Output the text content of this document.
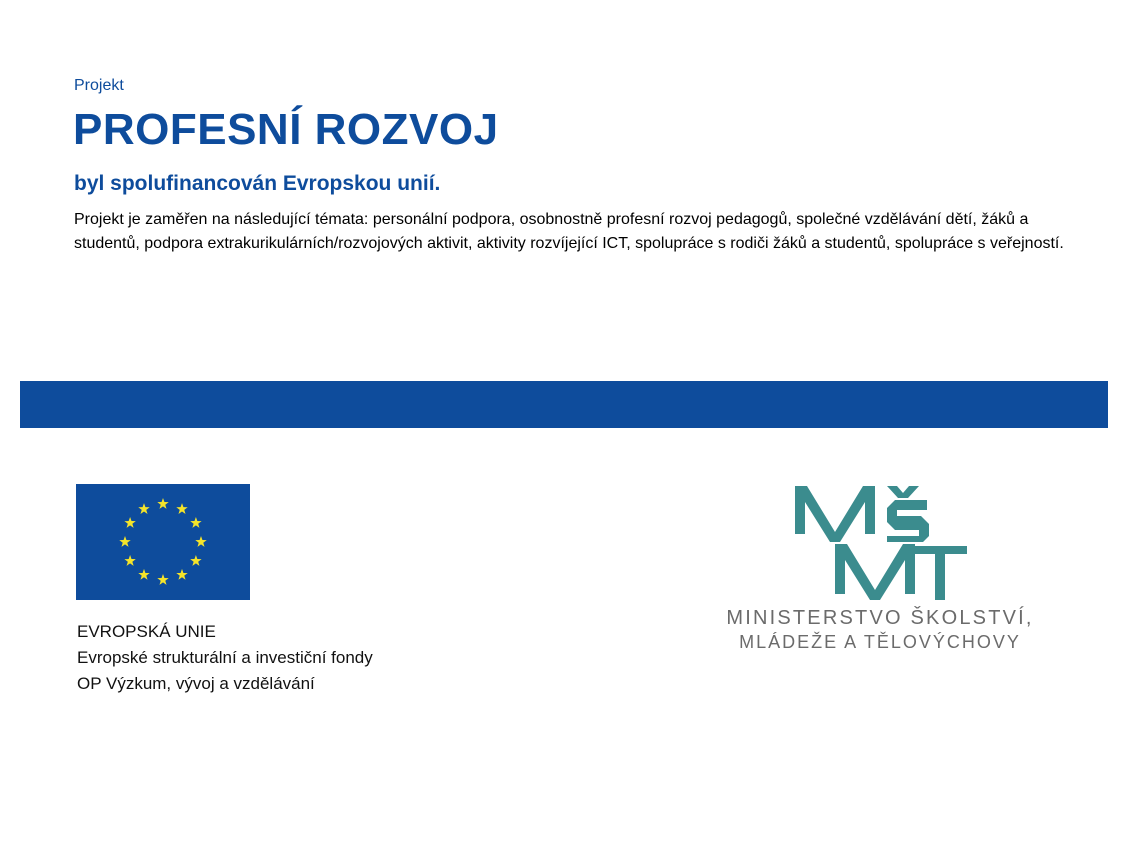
Projekt
PROFESNÍ ROZVOJ
byl spolufinancován Evropskou unií.
Projekt je zaměřen na následující témata: personální podpora, osobnostně profesní rozvoj pedagogů, společné vzdělávání dětí, žáků a studentů, podpora extrakurikulárních/rozvojových aktivit, aktivity rozvíjející ICT, spolupráce s rodiči žáků a studentů, spolupráce s veřejností.
EVROPSKÁ UNIE
Evropské strukturální a investiční fondy
OP Výzkum, vývoj a vzdělávání
MINISTERSTVO ŠKOLSTVÍ,
MLÁDEŽE A TĚLOVÝCHOVY
